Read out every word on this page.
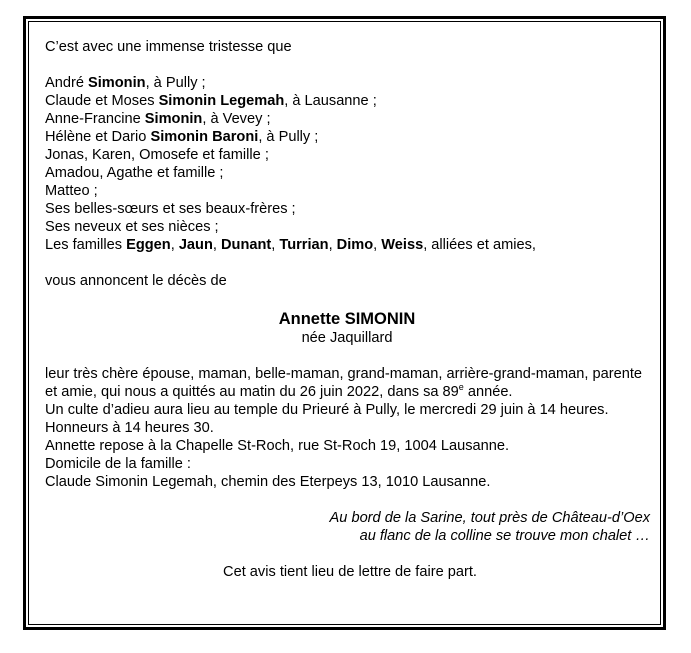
C’est avec une immense tristesse que
André Simonin, à Pully ;
Claude et Moses Simonin Legemah, à Lausanne ;
Anne-Francine Simonin, à Vevey ;
Hélène et Dario Simonin Baroni, à Pully ;
Jonas, Karen, Omosefe et famille ;
Amadou, Agathe et famille ;
Matteo ;
Ses belles-sœurs et ses beaux-frères ;
Ses neveux et ses nièces ;
Les familles Eggen, Jaun, Dunant, Turrian, Dimo, Weiss, alliées et amies,
vous annoncent le décès de
Annette SIMONIN
née Jaquillard
leur très chère épouse, maman, belle-maman, grand-maman, arrière-grand-maman, parente et amie, qui nous a quittés au matin du 26 juin 2022, dans sa 89e année.
Un culte d’adieu aura lieu au temple du Prieuré à Pully, le mercredi 29 juin à 14 heures.
Honneurs à 14 heures 30.
Annette repose à la Chapelle St-Roch, rue St-Roch 19, 1004 Lausanne.
Domicile de la famille :
Claude Simonin Legemah, chemin des Eterpeys 13, 1010 Lausanne.
Au bord de la Sarine, tout près de Château-d’Oex
au flanc de la colline se trouve mon chalet …
Cet avis tient lieu de lettre de faire part.
